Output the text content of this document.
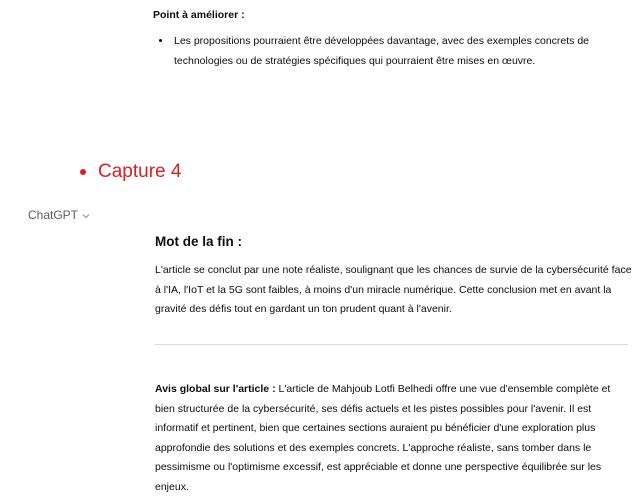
Point à améliorer :
• Les propositions pourraient être développées davantage, avec des exemples concrets de technologies ou de stratégies spécifiques qui pourraient être mises en œuvre.
Capture 4
ChatGPT
Mot de la fin :
L'article se conclut par une note réaliste, soulignant que les chances de survie de la cybersécurité face à l'IA, l'IoT et la 5G sont faibles, à moins d'un miracle numérique. Cette conclusion met en avant la gravité des défis tout en gardant un ton prudent quant à l'avenir.
Avis global sur l'article : L'article de Mahjoub Lotfi Belhedi offre une vue d'ensemble complète et bien structurée de la cybersécurité, ses défis actuels et les pistes possibles pour l'avenir. Il est informatif et pertinent, bien que certaines sections auraient pu bénéficier d'une exploration plus approfondie des solutions et des exemples concrets. L'approche réaliste, sans tomber dans le pessimisme ou l'optimisme excessif, est appréciable et donne une perspective équilibrée sur les enjeux.
